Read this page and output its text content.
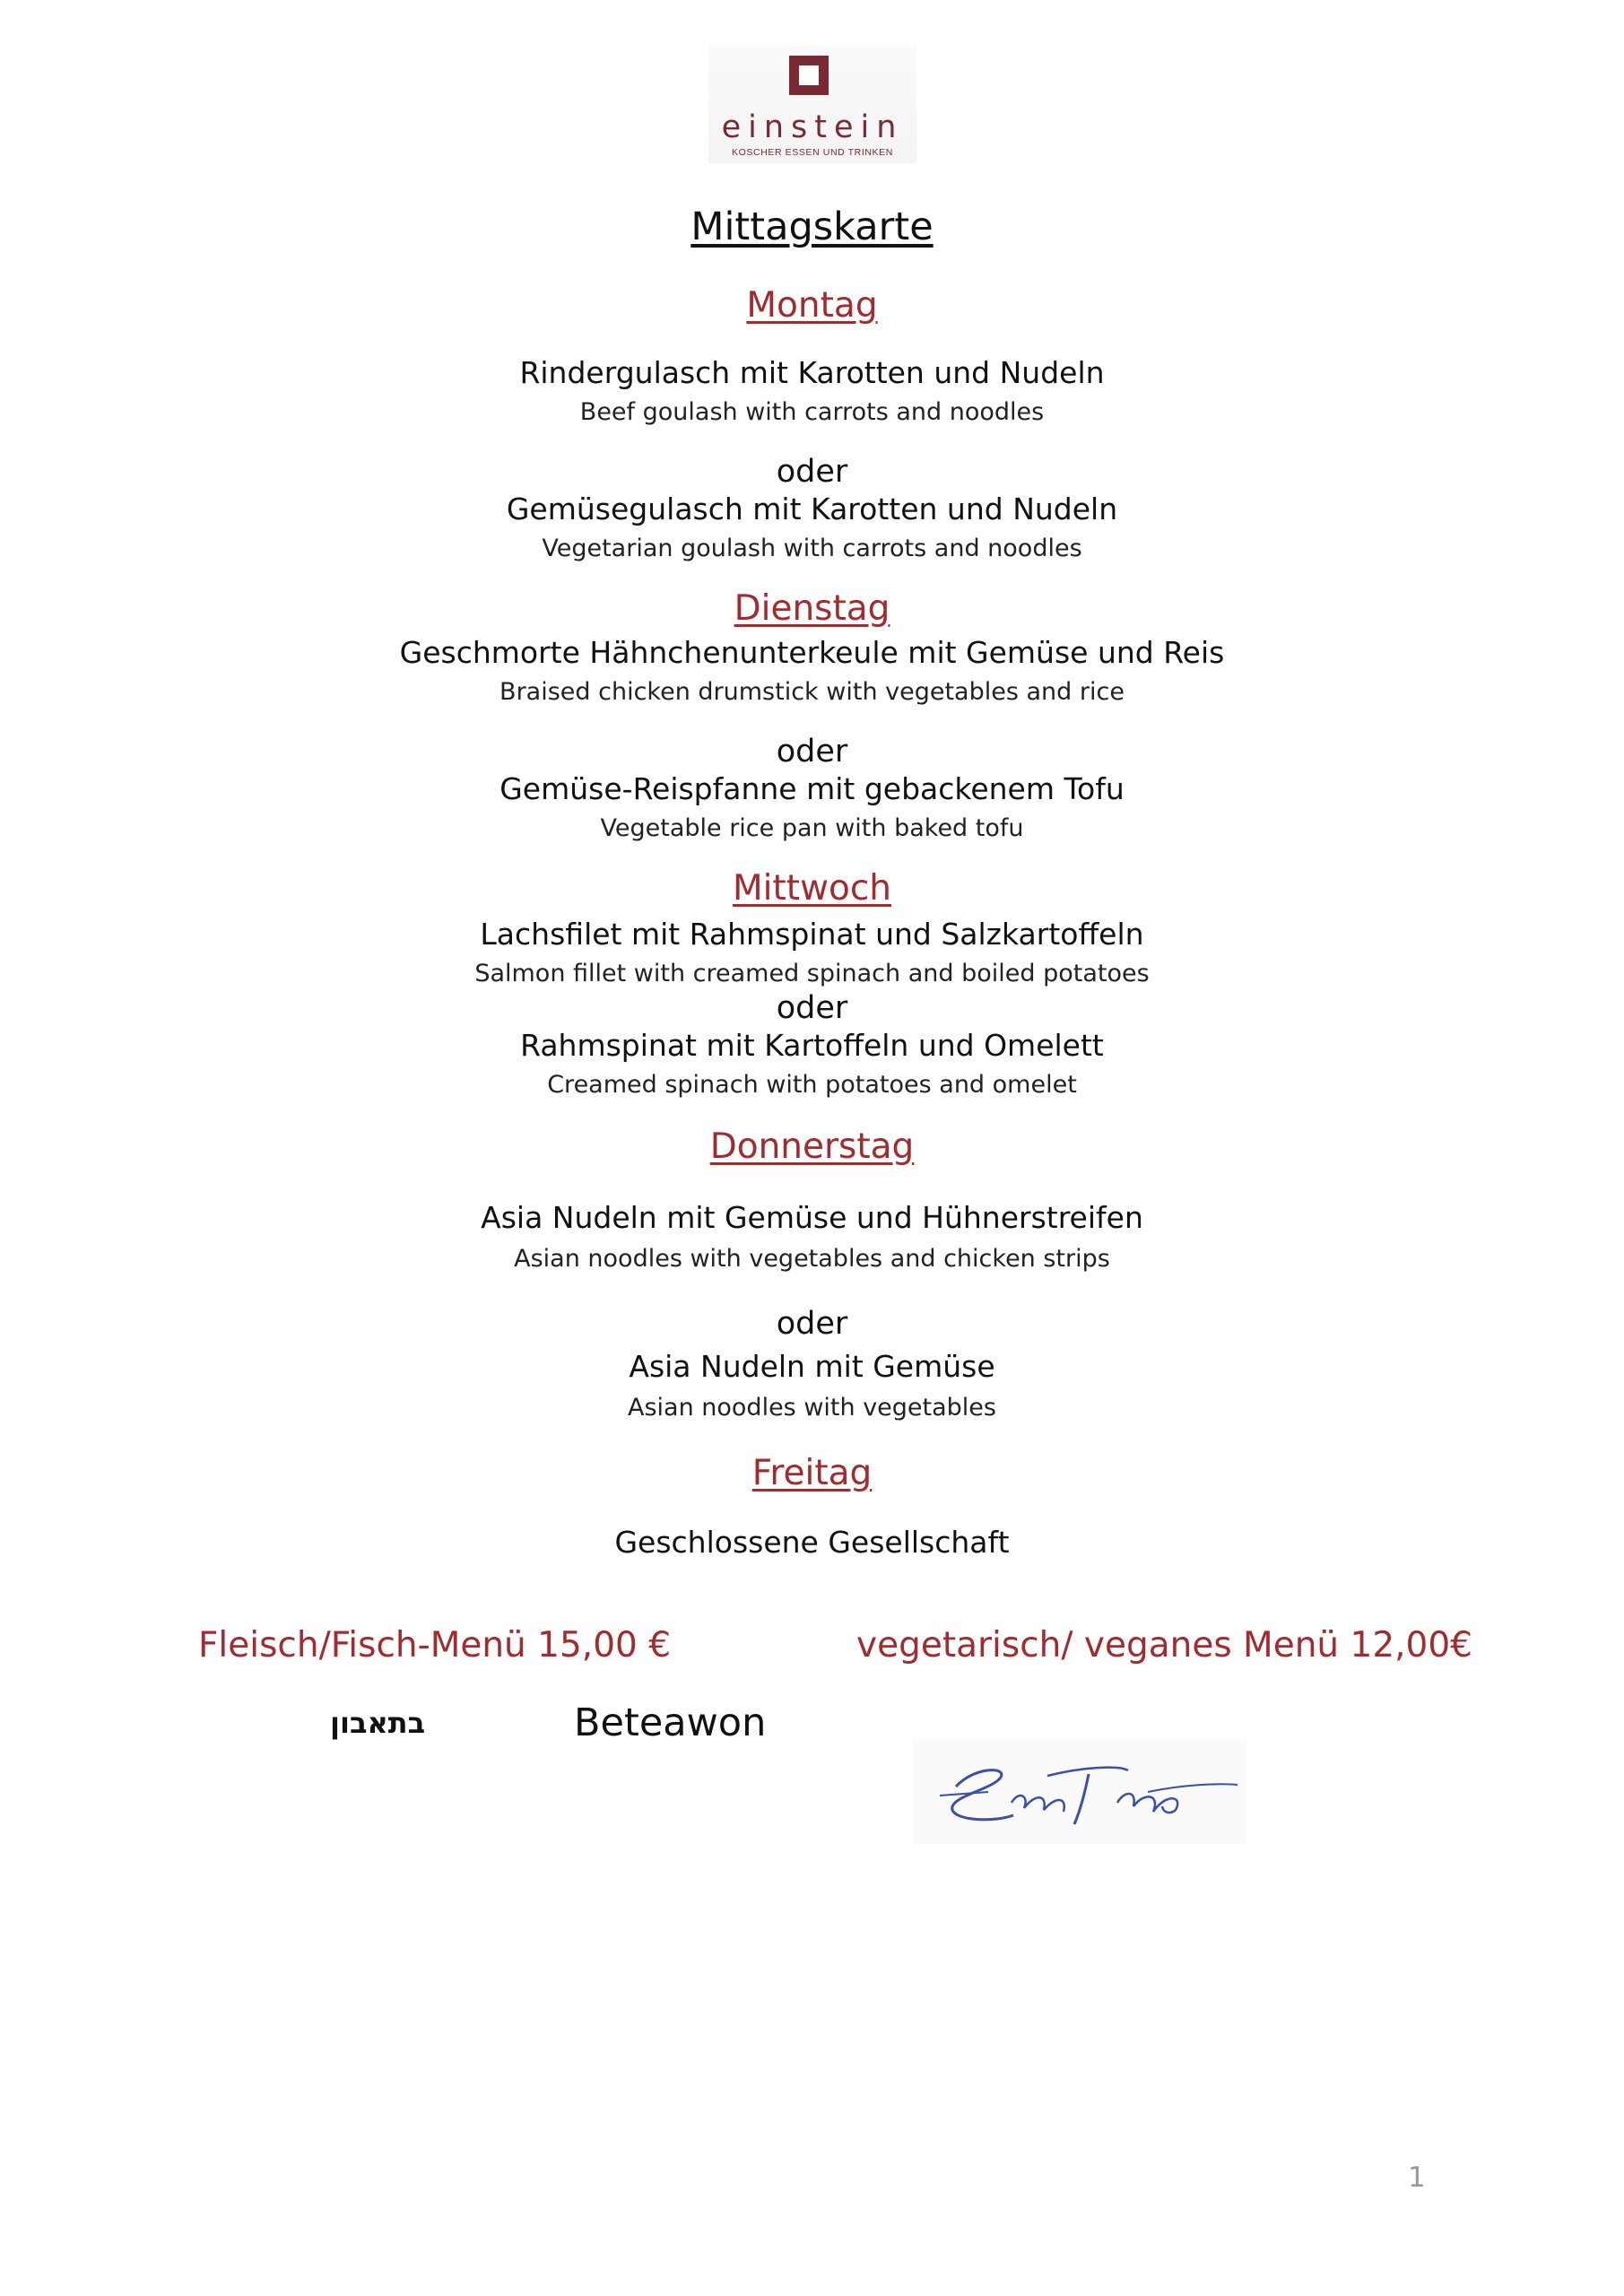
einstein
KOSCHER ESSEN UND TRINKEN
Mittagskarte
Montag
Rindergulasch mit Karotten und Nudeln
Beef goulash with carrots and noodles
oder
Gemüsegulasch mit Karotten und Nudeln
Vegetarian goulash with carrots and noodles
Dienstag
Geschmorte Hähnchenunterkeule mit Gemüse und Reis
Braised chicken drumstick with vegetables and rice
oder
Gemüse-Reispfanne mit gebackenem Tofu
Vegetable rice pan with baked tofu
Mittwoch
Lachsfilet mit Rahmspinat und Salzkartoffeln
Salmon fillet with creamed spinach and boiled potatoes
oder
Rahmspinat mit Kartoffeln und Omelett
Creamed spinach with potatoes and omelet
Donnerstag
Asia Nudeln mit Gemüse und Hühnerstreifen
Asian noodles with vegetables and chicken strips
oder
Asia Nudeln mit Gemüse
Asian noodles with vegetables
Freitag
Geschlossene Gesellschaft
Fleisch/Fisch-Menü 15,00 €	vegetarisch/ veganes Menü 12,00€
בתאבון	Beteawon
1
